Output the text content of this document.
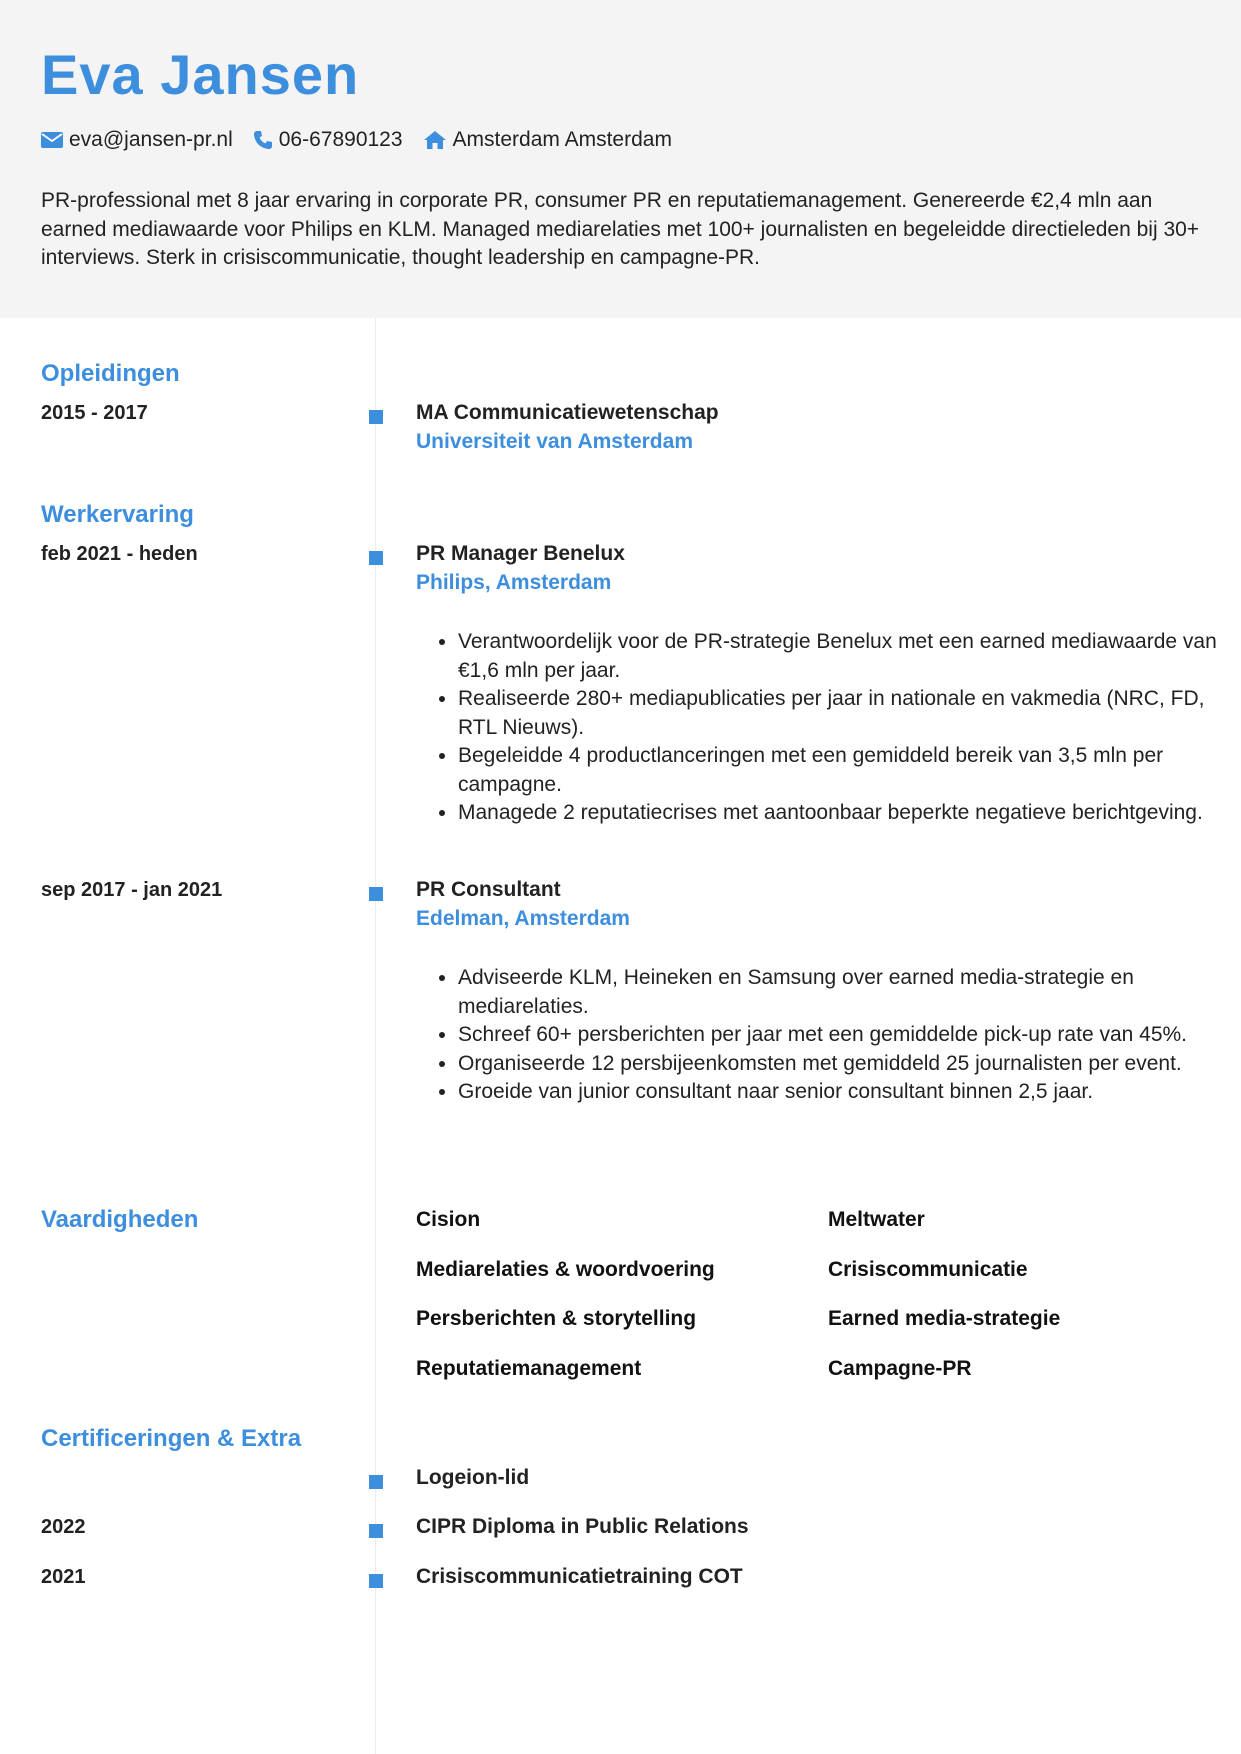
Eva Jansen
eva@jansen-pr.nl 06-67890123 Amsterdam Amsterdam

PR-professional met 8 jaar ervaring in corporate PR, consumer PR en reputatiemanagement. Genereerde €2,4 mln aan earned mediawaarde voor Philips en KLM. Managed mediarelaties met 100+ journalisten en begeleidde directieleden bij 30+ interviews. Sterk in crisiscommunicatie, thought leadership en campagne-PR.

Opleidingen
2015 - 2017	MA Communicatiewetenschap
Universiteit van Amsterdam
Werkervaring
feb 2021 - heden	PR Manager Benelux
Philips, Amsterdam
• Verantwoordelijk voor de PR-strategie Benelux met een earned mediawaarde van €1,6 mln per jaar.
• Realiseerde 280+ mediapublicaties per jaar in nationale en vakmedia (NRC, FD, RTL Nieuws).
• Begeleidde 4 productlanceringen met een gemiddeld bereik van 3,5 mln per campagne.
• Managede 2 reputatiecrises met aantoonbaar beperkte negatieve berichtgeving.
sep 2017 - jan 2021	PR Consultant
Edelman, Amsterdam
• Adviseerde KLM, Heineken en Samsung over earned media-strategie en mediarelaties.
• Schreef 60+ persberichten per jaar met een gemiddelde pick-up rate van 45%.
• Organiseerde 12 persbijeenkomsten met gemiddeld 25 journalisten per event.
• Groeide van junior consultant naar senior consultant binnen 2,5 jaar.
Vaardigheden	Cision	Meltwater
Mediarelaties & woordvoering	Crisiscommunicatie
Persberichten & storytelling	Earned media-strategie
Reputatiemanagement	Campagne-PR
Certificeringen & Extra
Logeion-lid
2022	CIPR Diploma in Public Relations
2021	Crisiscommunicatietraining COT
